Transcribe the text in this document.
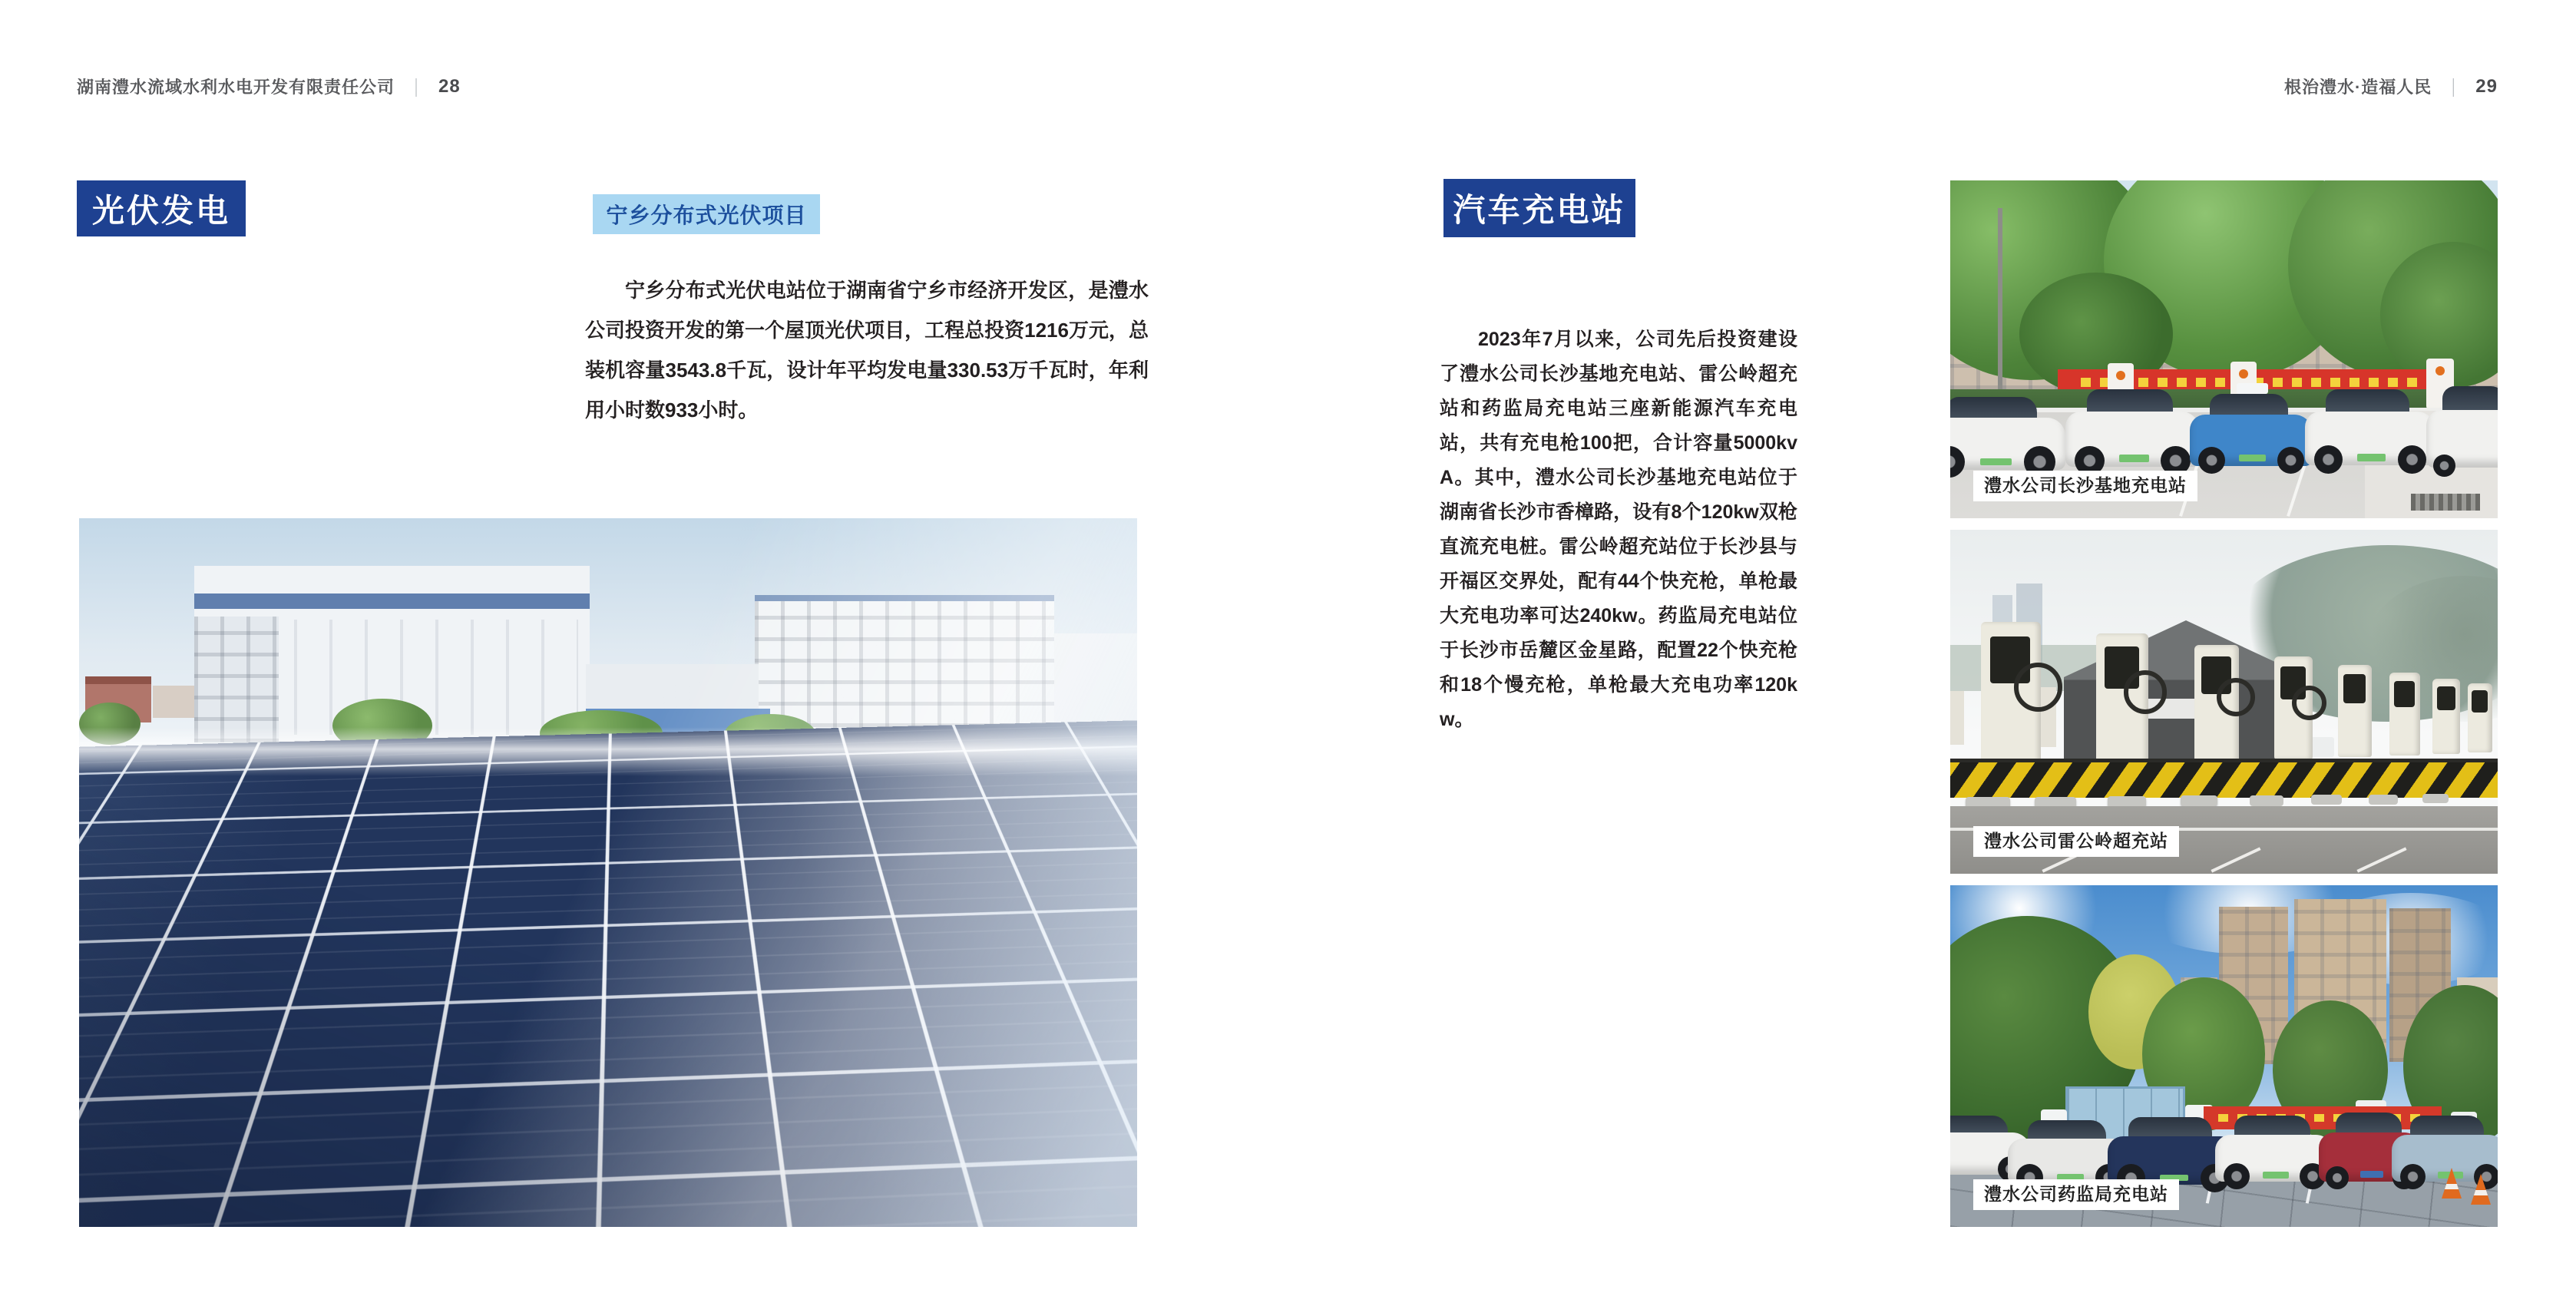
湖南澧水流域水利水电开发有限责任公司 ｜ 28	根治澧水·造福人民 ｜ 29
光伏发电	宁乡分布式光伏项目

宁乡分布式光伏电站位于湖南省宁乡市经济开发区，是澧水公司投资开发的第一个屋顶光伏项目，工程总投资1216万元，总装机容量3543.8千瓦，设计年平均发电量330.53万千瓦时，年利用小时数933小时。

汽车充电站

2023年7月以来，公司先后投资建设了澧水公司长沙基地充电站、雷公岭超充站和药监局充电站三座新能源汽车充电站，共有充电枪100把，合计容量5000kvA。其中，澧水公司长沙基地充电站位于湖南省长沙市香樟路，设有8个120kw双枪直流充电桩。雷公岭超充站位于长沙县与开福区交界处，配有44个快充枪，单枪最大充电功率可达240kw。药监局充电站位于长沙市岳麓区金星路，配置22个快充枪和18个慢充枪，单枪最大充电功率120kw。

澧水公司长沙基地充电站
澧水公司雷公岭超充站
澧水公司药监局充电站
